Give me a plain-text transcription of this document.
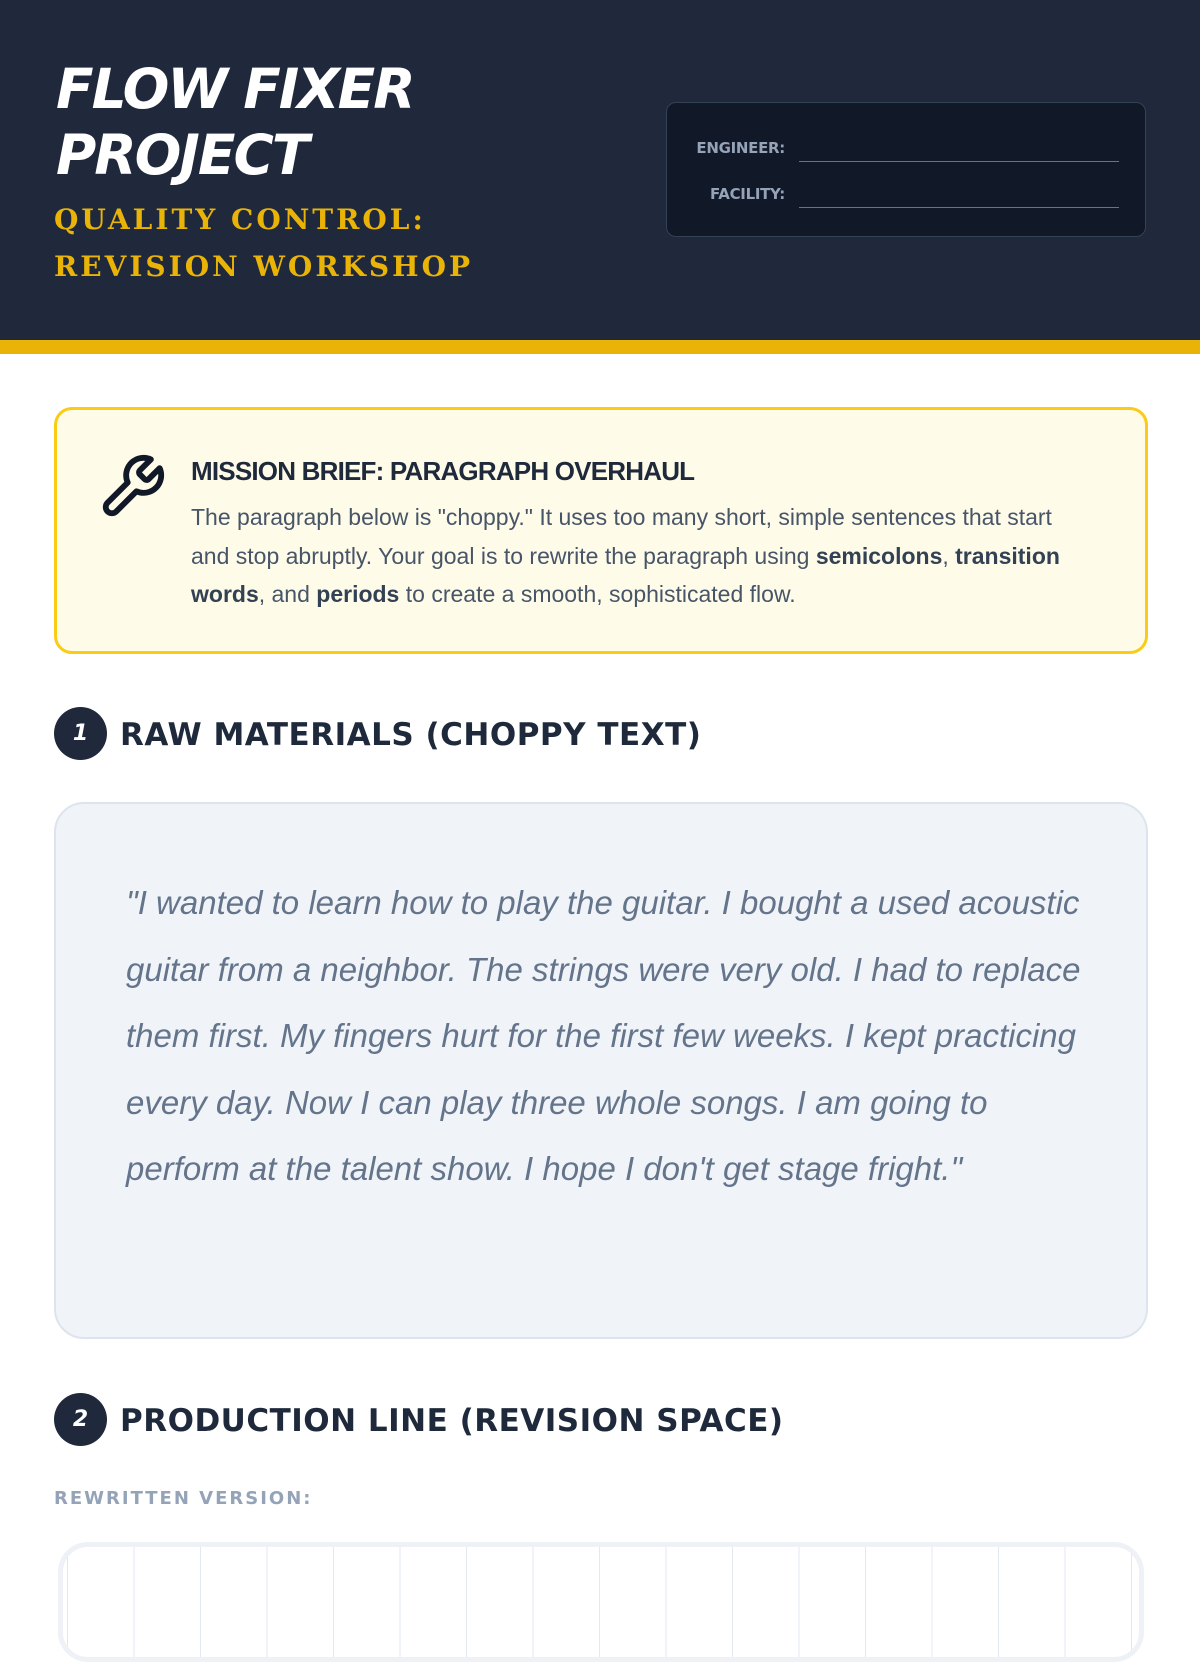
FLOW FIXER PROJECT
QUALITY CONTROL: REVISION WORKSHOP
ENGINEER:
FACILITY:
MISSION BRIEF: PARAGRAPH OVERHAUL

The paragraph below is "choppy." It uses too many short, simple sentences that start and stop abruptly. Your goal is to rewrite the paragraph using semicolons, transition words, and periods to create a smooth, sophisticated flow.

1	RAW MATERIALS (CHOPPY TEXT)

"I wanted to learn how to play the guitar. I bought a used acoustic guitar from a neighbor. The strings were very old. I had to replace them first. My fingers hurt for the first few weeks. I kept practicing every day. Now I can play three whole songs. I am going to perform at the talent show. I hope I don't get stage fright."

2	PRODUCTION LINE (REVISION SPACE)
REWRITTEN VERSION:
